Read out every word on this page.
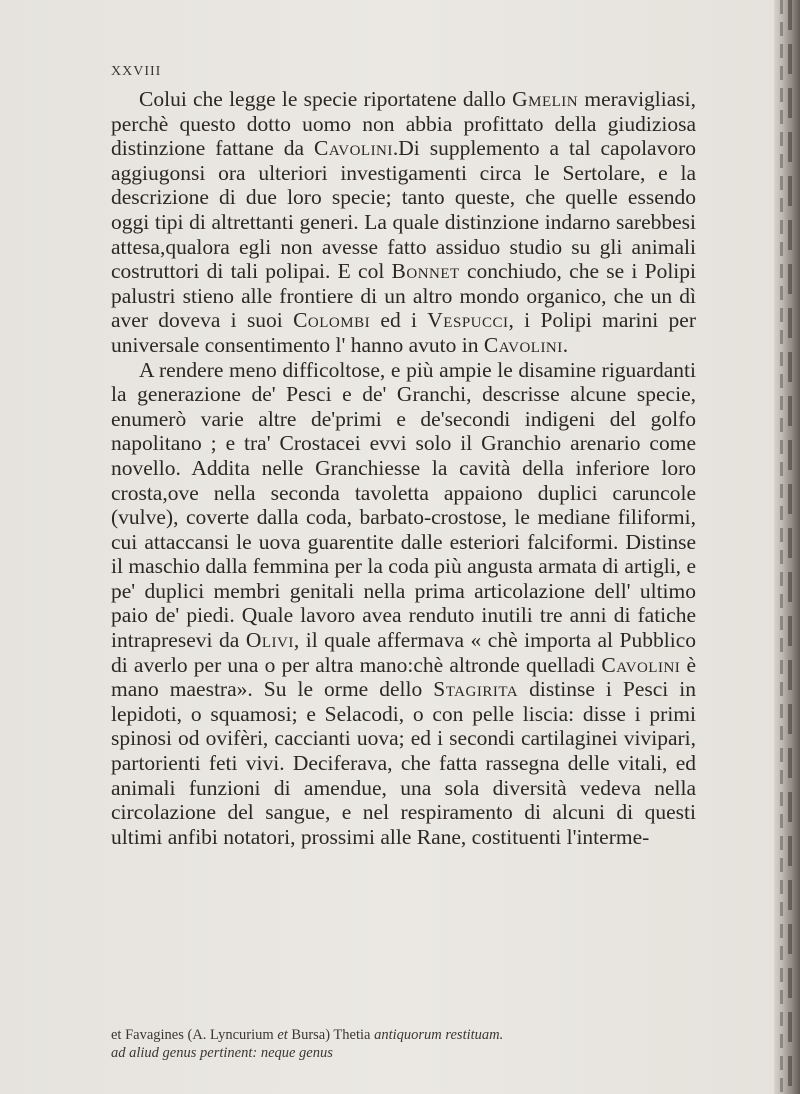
XXVIII

Colui che legge le specie riportatene dallo Gmelin meravigliasi, perchè questo dotto uomo non abbia profittato della giudiziosa distinzione fattane da Cavolini.Di supplemento a tal capolavoro aggiugonsi ora ulteriori investigamenti circa le Sertolare, e la descrizione di due loro specie; tanto queste, che quelle essendo oggi tipi di altrettanti generi. La quale distinzione indarno sarebbesi attesa,qualora egli non avesse fatto assiduo studio su gli animali costruttori di tali polipai. E col Bonnet conchiudo, che se i Polipi palustri stieno alle frontiere di un altro mondo organico, che un dì aver doveva i suoi Colombi ed i Vespucci, i Polipi marini per universale consentimento l' hanno avuto in Cavolini.

A rendere meno difficoltose, e più ampie le disamine riguardanti la generazione de' Pesci e de' Granchi, descrisse alcune specie, enumerò varie altre de'primi e de'secondi indigeni del golfo napolitano ; e tra' Crostacei evvi solo il Granchio arenario come novello. Addita nelle Granchiesse la cavità della inferiore loro crosta,ove nella seconda tavoletta appaiono duplici caruncole (vulve), coverte dalla coda, barbato-crostose, le mediane filiformi, cui attaccansi le uova guarentite dalle esteriori falciformi. Distinse il maschio dalla femmina per la coda più angusta armata di artigli, e pe' duplici membri genitali nella prima articolazione dell' ultimo paio de' piedi. Quale lavoro avea renduto inutili tre anni di fatiche intrapresevi da Olivi, il quale affermava « chè importa al Pubblico di averlo per una o per altra mano:chè altronde quelladi Cavolini è mano maestra». Su le orme dello Stagirita distinse i Pesci in lepidoti, o squamosi; e Selacodi, o con pelle liscia: disse i primi spinosi od ovifèri, caccianti uova; ed i secondi cartilaginei vivipari, partorienti feti vivi. Deciferava, che fatta rassegna delle vitali, ed animali funzioni di amendue, una sola diversità vedeva nella circolazione del sangue, e nel respiramento di alcuni di questi ultimi anfibi notatori, prossimi alle Rane, costituenti l'interme-

et Favagines (A. Lyncurium et Bursa) Thetia antiquorum restituam.

ad aliud genus pertinent: neque genus
